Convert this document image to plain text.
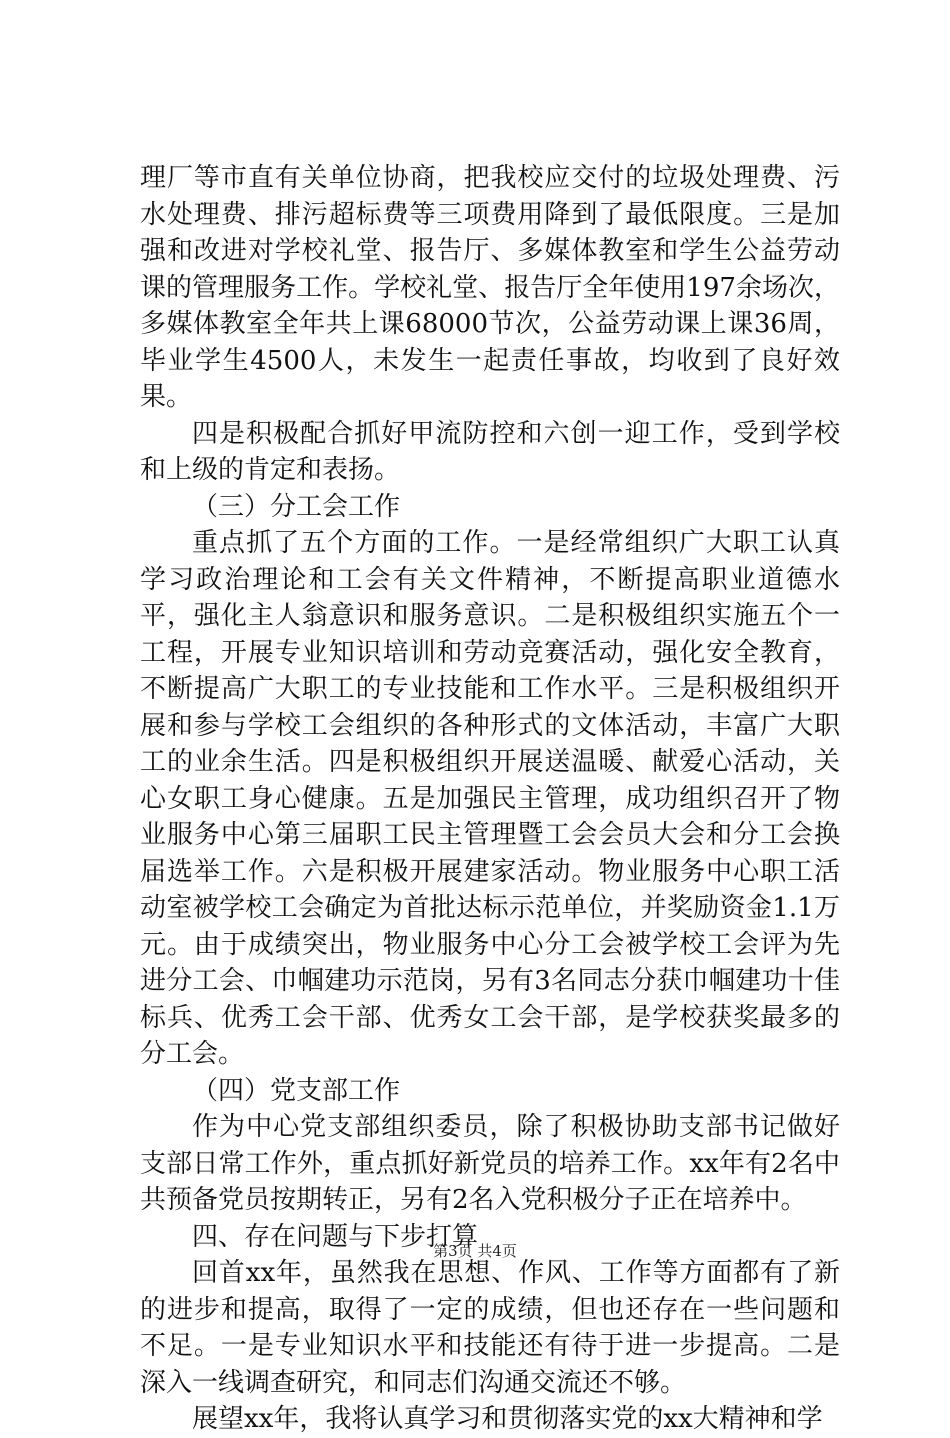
理厂等市直有关单位协商，把我校应交付的垃圾处理费、污水处理费、排污超标费等三项费用降到了最低限度。三是加强和改进对学校礼堂、报告厅、多媒体教室和学生公益劳动课的管理服务工作。学校礼堂、报告厅全年使用197余场次，多媒体教室全年共上课68000节次，公益劳动课上课36周，毕业学生4500人，未发生一起责任事故，均收到了良好效果。

四是积极配合抓好甲流防控和六创一迎工作，受到学校和上级的肯定和表扬。

（三）分工会工作

重点抓了五个方面的工作。一是经常组织广大职工认真学习政治理论和工会有关文件精神，不断提高职业道德水平，强化主人翁意识和服务意识。二是积极组织实施五个一工程，开展专业知识培训和劳动竞赛活动，强化安全教育，不断提高广大职工的专业技能和工作水平。三是积极组织开展和参与学校工会组织的各种形式的文体活动，丰富广大职工的业余生活。四是积极组织开展送温暖、献爱心活动，关心女职工身心健康。五是加强民主管理，成功组织召开了物业服务中心第三届职工民主管理暨工会会员大会和分工会换届选举工作。六是积极开展建家活动。物业服务中心职工活动室被学校工会确定为首批达标示范单位，并奖励资金1.1万元。由于成绩突出，物业服务中心分工会被学校工会评为先进分工会、巾帼建功示范岗，另有3名同志分获巾帼建功十佳标兵、优秀工会干部、优秀女工会干部，是学校获奖最多的分工会。

（四）党支部工作

作为中心党支部组织委员，除了积极协助支部书记做好支部日常工作外，重点抓好新党员的培养工作。xx年有2名中共预备党员按期转正，另有2名入党积极分子正在培养中。

四、存在问题与下步打算

回首xx年，虽然我在思想、作风、工作等方面都有了新的进步和提高，取得了一定的成绩，但也还存在一些问题和不足。一是专业知识水平和技能还有待于进一步提高。二是深入一线调查研究，和同志们沟通交流还不够。

展望xx年，我将认真学习和贯彻落实党的xx大精神和学

第3页 共4页
